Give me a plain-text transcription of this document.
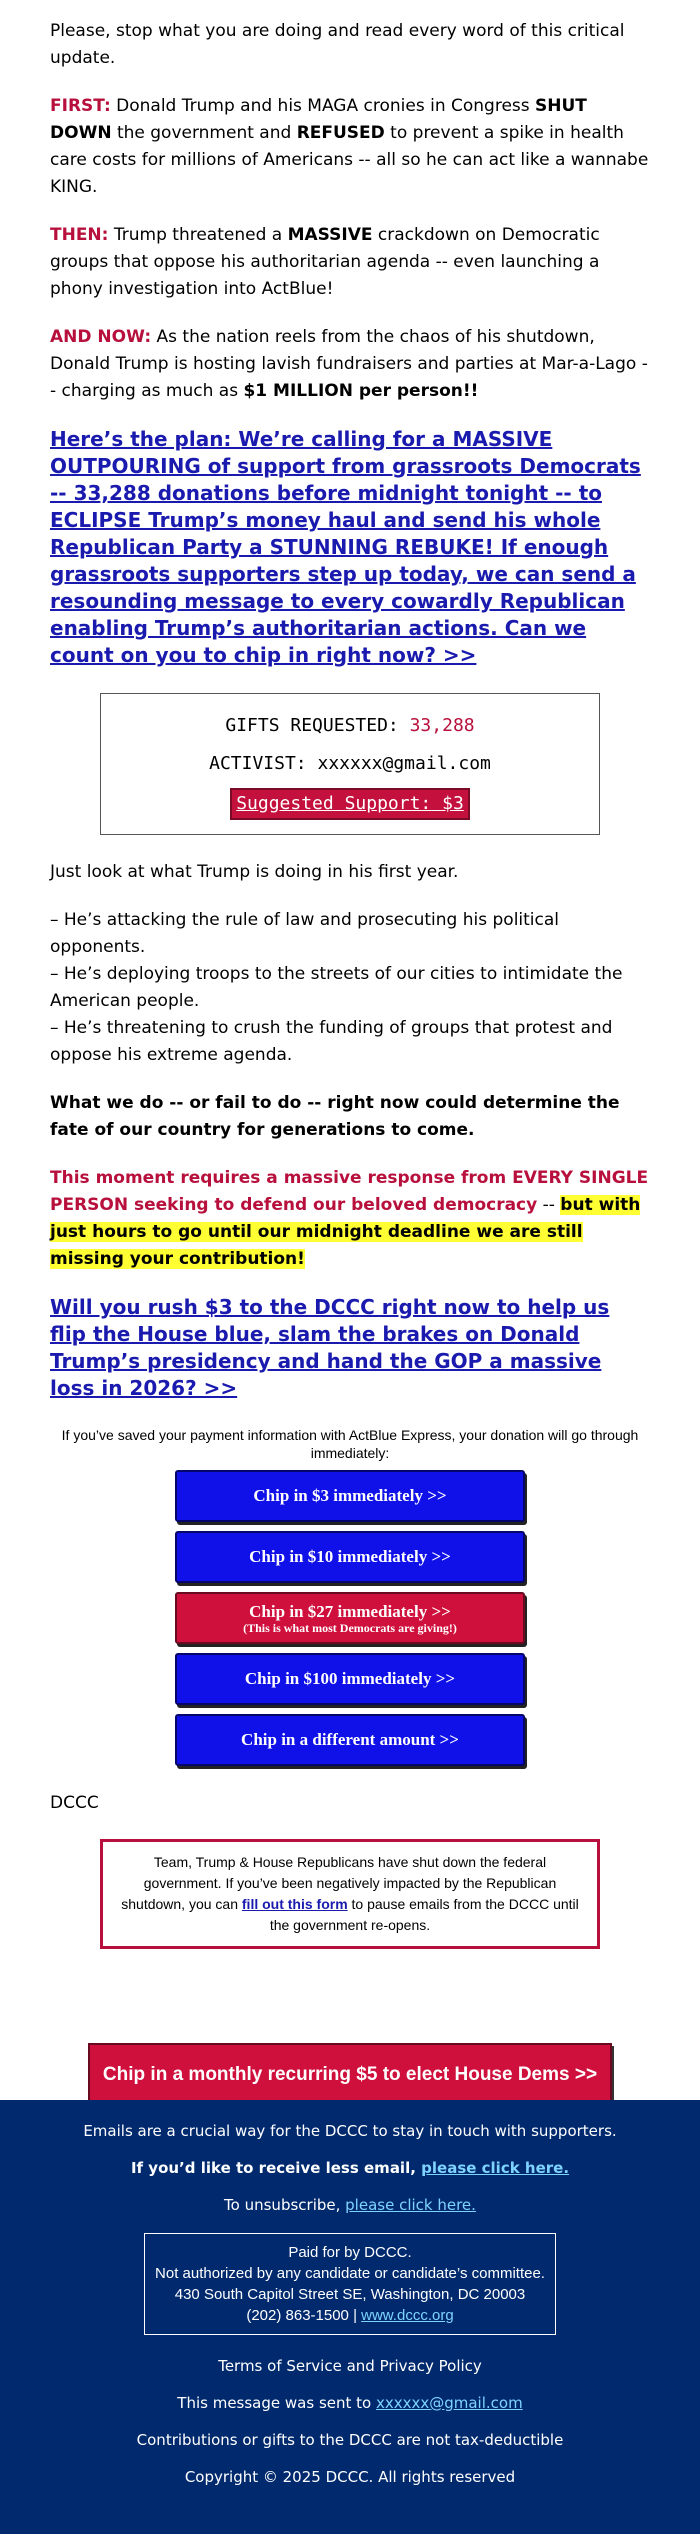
Please, stop what you are doing and read every word of this critical update.

FIRST: Donald Trump and his MAGA cronies in Congress SHUT DOWN the government and REFUSED to prevent a spike in health care costs for millions of Americans -- all so he can act like a wannabe KING.

THEN: Trump threatened a MASSIVE crackdown on Democratic groups that oppose his authoritarian agenda -- even launching a phony investigation into ActBlue!

AND NOW: As the nation reels from the chaos of his shutdown, Donald Trump is hosting lavish fundraisers and parties at Mar-a-Lago -- charging as much as $1 MILLION per person!!

Here’s the plan: We’re calling for a MASSIVE OUTPOURING of support from grassroots Democrats -- 33,288 donations before midnight tonight -- to ECLIPSE Trump’s money haul and send his whole Republican Party a STUNNING REBUKE! If enough grassroots supporters step up today, we can send a resounding message to every cowardly Republican enabling Trump’s authoritarian actions. Can we count on you to chip in right now? >>
GIFTS REQUESTED: 33,288
ACTIVIST: xxxxxx@gmail.com
Suggested Support: $3

Just look at what Trump is doing in his first year.

– He’s attacking the rule of law and prosecuting his political opponents.
– He’s deploying troops to the streets of our cities to intimidate the American people.
– He’s threatening to crush the funding of groups that protest and oppose his extreme agenda.

What we do -- or fail to do -- right now could determine the fate of our country for generations to come.

This moment requires a massive response from EVERY SINGLE PERSON seeking to defend our beloved democracy -- but with just hours to go until our midnight deadline we are still missing your contribution!

Will you rush $3 to the DCCC right now to help us flip the House blue, slam the brakes on Donald Trump’s presidency and hand the GOP a massive loss in 2026? >>
If you’ve saved your payment information with ActBlue Express, your donation will go through immediately:
Chip in $3 immediately >>
Chip in $10 immediately >>
Chip in $27 immediately >>
(This is what most Democrats are giving!)
Chip in $100 immediately >>
Chip in a different amount >>
DCCC
Team, Trump & House Republicans have shut down the federal government. If you’ve been negatively impacted by the Republican shutdown, you can fill out this form to pause emails from the DCCC until the government re-opens.
Chip in a monthly recurring $5 to elect House Dems >>
Emails are a crucial way for the DCCC to stay in touch with supporters.
If you’d like to receive less email, please click here.
To unsubscribe, please click here.
Paid for by DCCC.
Not authorized by any candidate or candidate’s committee.
430 South Capitol Street SE, Washington, DC 20003
(202) 863-1500 | www.dccc.org
Terms of Service and Privacy Policy
This message was sent to xxxxxx@gmail.com
Contributions or gifts to the DCCC are not tax-deductible
Copyright © 2025 DCCC. All rights reserved
